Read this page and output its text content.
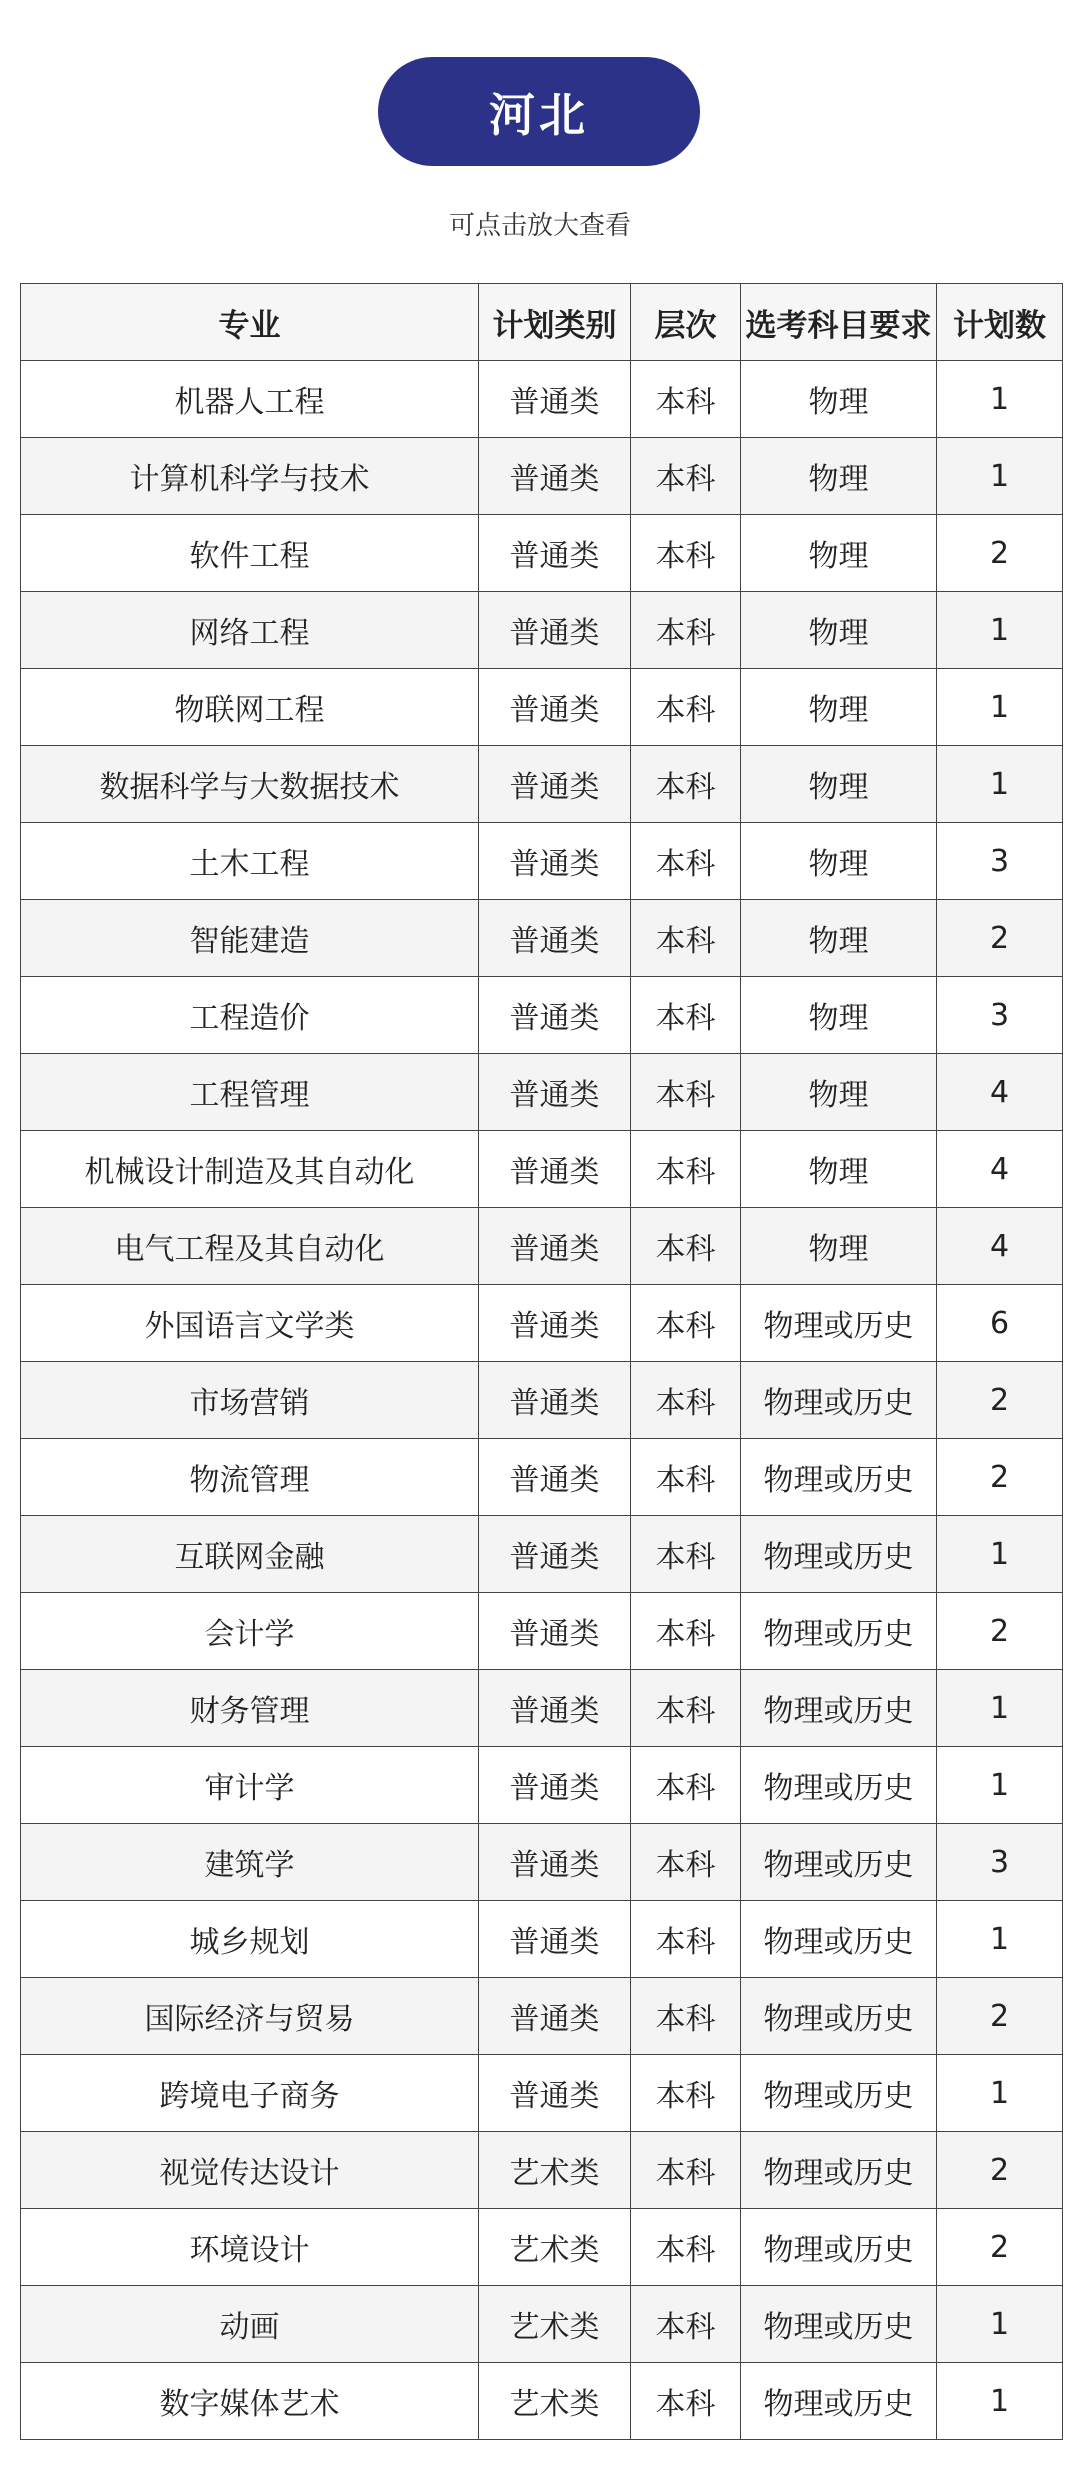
河北
可点击放大查看
专业	计划类别	层次	选考科目要求	计划数
机器人工程	普通类	本科	物理	1
计算机科学与技术	普通类	本科	物理	1
软件工程	普通类	本科	物理	2
网络工程	普通类	本科	物理	1
物联网工程	普通类	本科	物理	1
数据科学与大数据技术	普通类	本科	物理	1
土木工程	普通类	本科	物理	3
智能建造	普通类	本科	物理	2
工程造价	普通类	本科	物理	3
工程管理	普通类	本科	物理	4
机械设计制造及其自动化	普通类	本科	物理	4
电气工程及其自动化	普通类	本科	物理	4
外国语言文学类	普通类	本科	物理或历史	6
市场营销	普通类	本科	物理或历史	2
物流管理	普通类	本科	物理或历史	2
互联网金融	普通类	本科	物理或历史	1
会计学	普通类	本科	物理或历史	2
财务管理	普通类	本科	物理或历史	1
审计学	普通类	本科	物理或历史	1
建筑学	普通类	本科	物理或历史	3
城乡规划	普通类	本科	物理或历史	1
国际经济与贸易	普通类	本科	物理或历史	2
跨境电子商务	普通类	本科	物理或历史	1
视觉传达设计	艺术类	本科	物理或历史	2
环境设计	艺术类	本科	物理或历史	2
动画	艺术类	本科	物理或历史	1
数字媒体艺术	艺术类	本科	物理或历史	1
